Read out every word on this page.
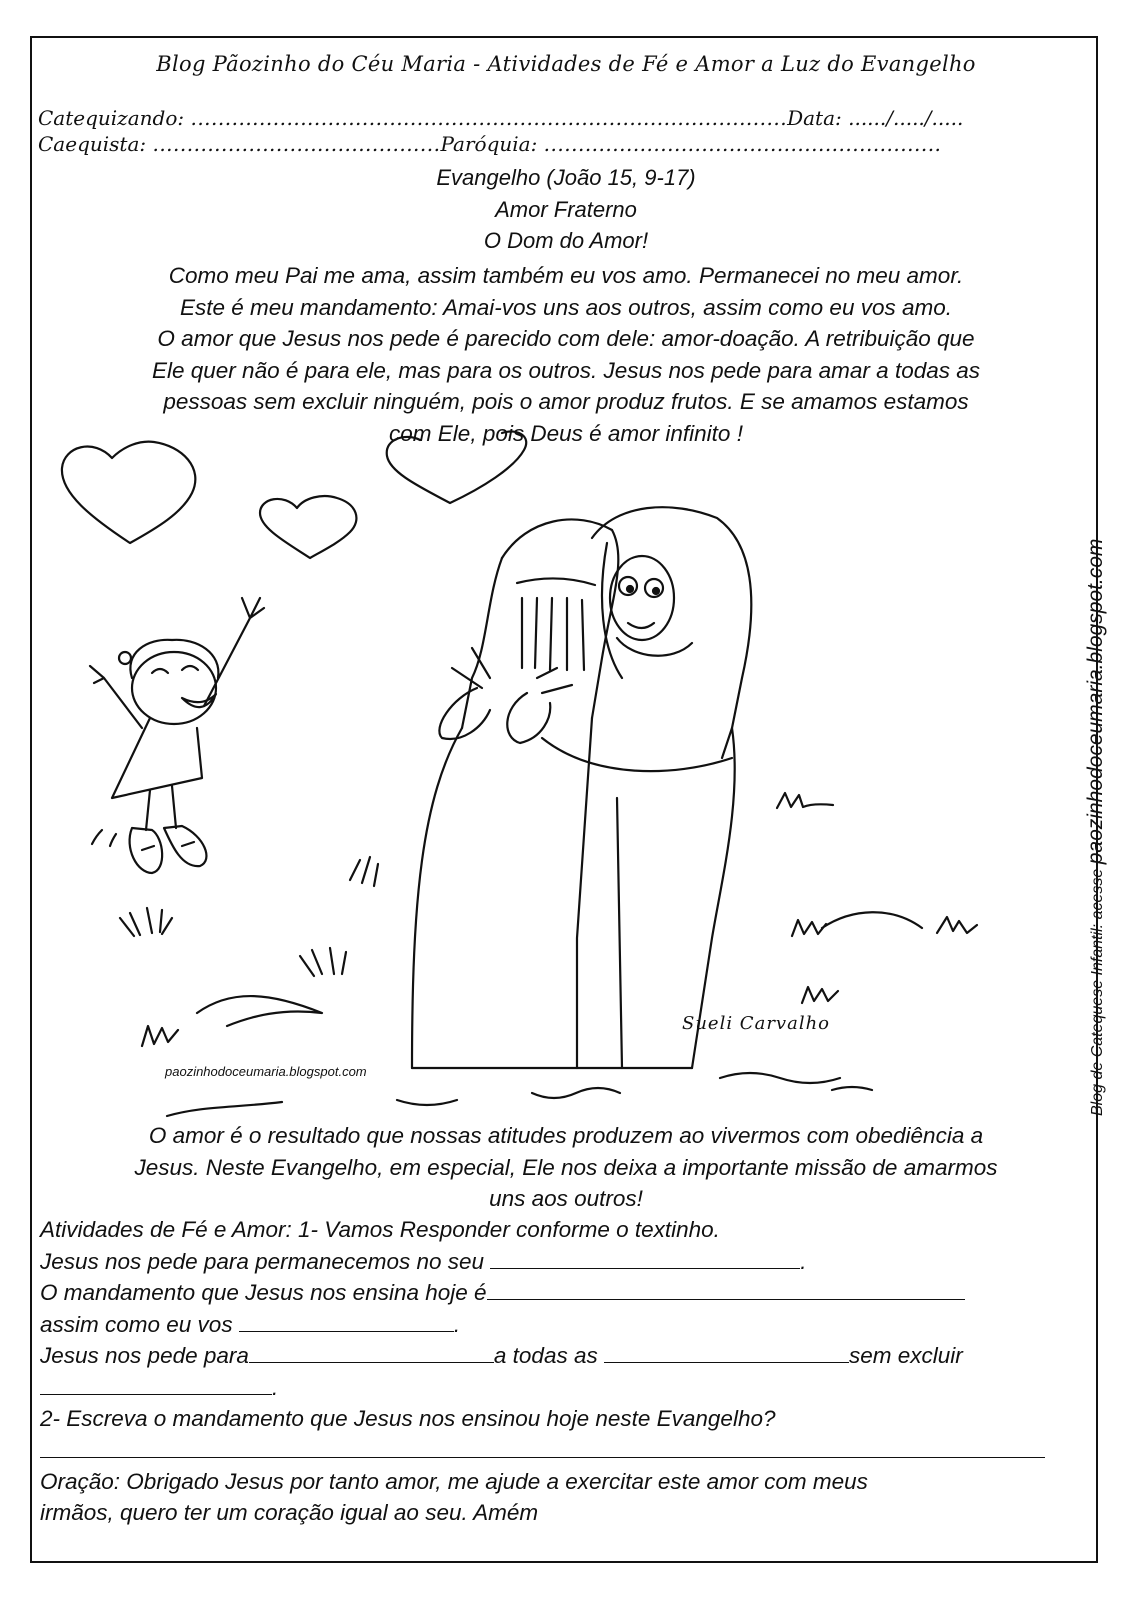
Blog Pãozinho do Céu Maria - Atividades de Fé e Amor a Luz do Evangelho
Catequizando: .......................................................................................Data: ....../...../.....
Caequista: ..........................................Paróquia: ..........................................................
Evangelho (João 15, 9-17)
Amor Fraterno
O Dom do Amor!
Como meu Pai me ama, assim também eu vos amo. Permanecei no meu amor.
Este é meu mandamento: Amai-vos uns aos outros, assim como eu vos amo.
O amor que Jesus nos pede é parecido com dele: amor-doação. A retribuição que
Ele quer não é para ele, mas para os outros. Jesus nos pede para amar a todas as
pessoas sem excluir ninguém, pois o amor produz frutos. E se amamos estamos
com Ele, pois Deus é amor infinito !
Sueli Carvalho
paozinhodoceumaria.blogspot.com	Blog de Catequese Infantil: acesse paozinhodoceumaria.blogspot.com
O amor é o resultado que nossas atitudes produzem ao vivermos com obediência a
Jesus. Neste Evangelho, em especial, Ele nos deixa a importante missão de amarmos
uns aos outros!
Atividades de Fé e Amor: 1- Vamos Responder conforme o textinho.
Jesus nos pede para permanecemos no seu	.
O mandamento que Jesus nos ensina hoje é
assim como eu vos	.
Jesus nos pede para	a todas as	sem excluir
.
2- Escreva o mandamento que Jesus nos ensinou hoje neste Evangelho?
Oração: Obrigado Jesus por tanto amor, me ajude a exercitar este amor com meus
irmãos, quero ter um coração igual ao seu. Amém
